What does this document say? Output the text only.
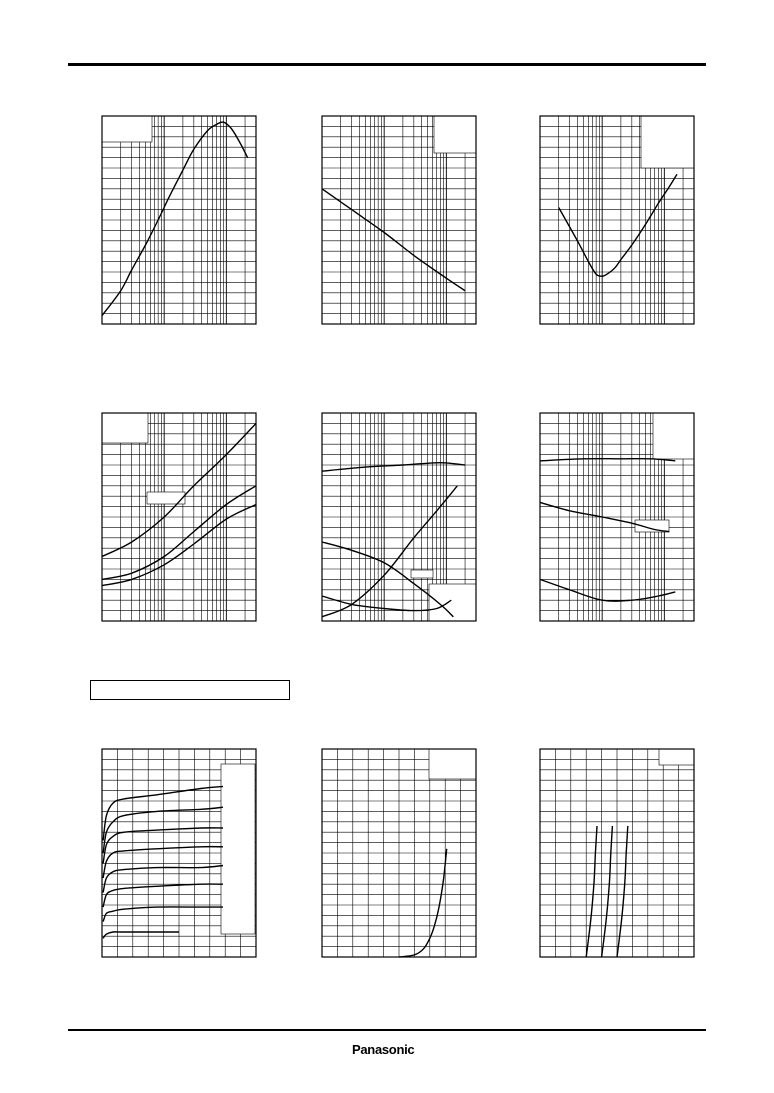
Panasonic
